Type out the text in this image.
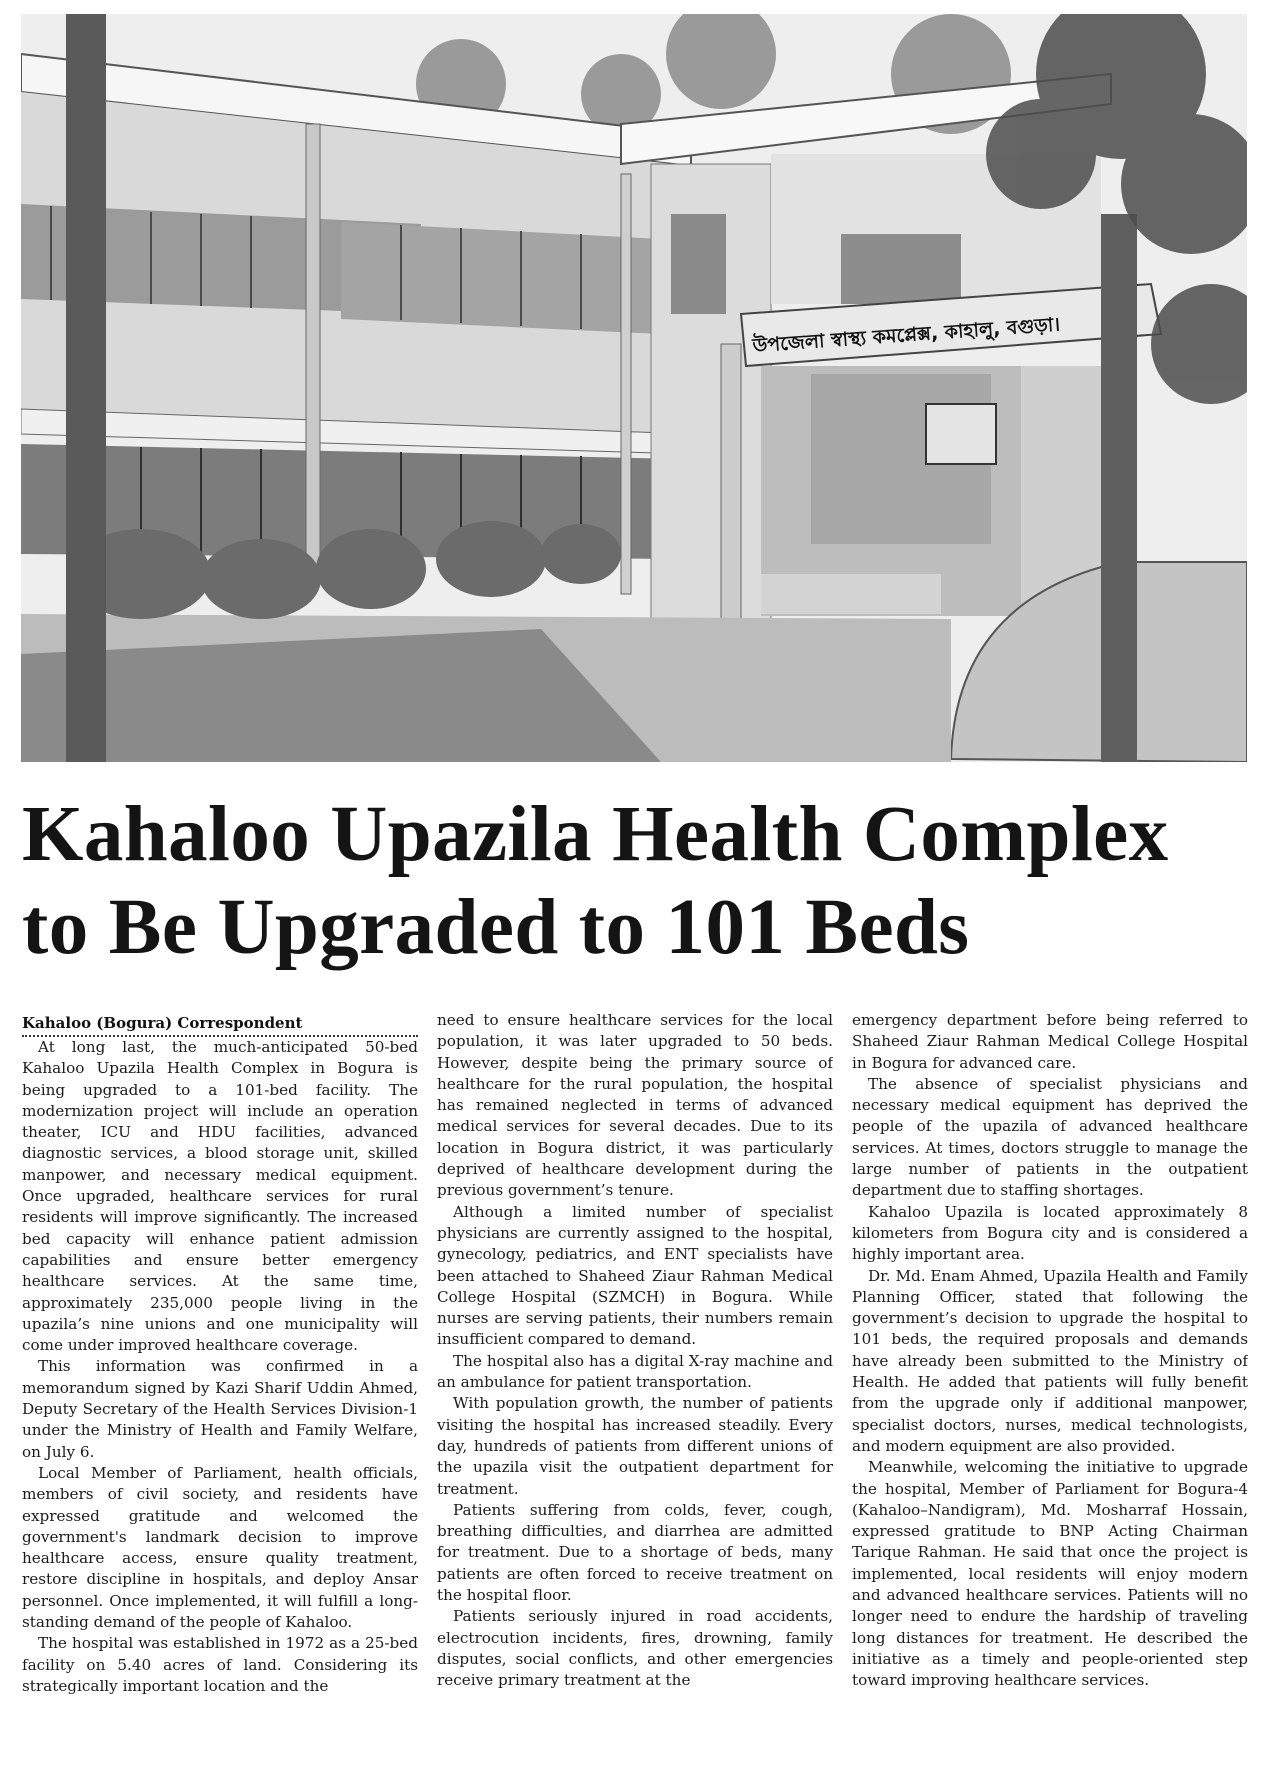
উপজেলা স্বাস্থ্য কমপ্লেক্স, কাহালু, বগুড়া।
Kahaloo Upazila Health Complex
to Be Upgraded to 101 Beds
Kahaloo (Bogura) Correspondent

At long last, the much-anticipated 50-bed Kahaloo Upazila Health Complex in Bogura is being upgraded to a 101-bed facility. The modernization project will include an operation theater, ICU and HDU facilities, advanced diagnostic services, a blood storage unit, skilled manpower, and necessary medical equipment. Once upgraded, healthcare services for rural residents will improve significantly. The increased bed capacity will enhance patient admission capabilities and ensure better emergency healthcare services. At the same time, approximately 235,000 people living in the upazila’s nine unions and one municipality will come under improved healthcare coverage.

This information was confirmed in a memorandum signed by Kazi Sharif Uddin Ahmed, Deputy Secretary of the Health Services Division-1 under the Ministry of Health and Family Welfare, on July 6.

Local Member of Parliament, health officials, members of civil society, and residents have expressed gratitude and welcomed the government's landmark decision to improve healthcare access, ensure quality treatment, restore discipline in hospitals, and deploy Ansar personnel. Once implemented, it will fulfill a long-standing demand of the people of Kahaloo.

The hospital was established in 1972 as a 25-bed facility on 5.40 acres of land. Considering its strategically important location and the

need to ensure healthcare services for the local population, it was later upgraded to 50 beds. However, despite being the primary source of healthcare for the rural population, the hospital has remained neglected in terms of advanced medical services for several decades. Due to its location in Bogura district, it was particularly deprived of healthcare development during the previous government’s tenure.

Although a limited number of specialist physicians are currently assigned to the hospital, gynecology, pediatrics, and ENT specialists have been attached to Shaheed Ziaur Rahman Medical College Hospital (SZMCH) in Bogura. While nurses are serving patients, their numbers remain insufficient compared to demand.

The hospital also has a digital X-ray machine and an ambulance for patient transportation.

With population growth, the number of patients visiting the hospital has increased steadily. Every day, hundreds of patients from different unions of the upazila visit the outpatient department for treatment.

Patients suffering from colds, fever, cough, breathing difficulties, and diarrhea are admitted for treatment. Due to a shortage of beds, many patients are often forced to receive treatment on the hospital floor.

Patients seriously injured in road accidents, electrocution incidents, fires, drowning, family disputes, social conflicts, and other emergencies receive primary treatment at the

emergency department before being referred to Shaheed Ziaur Rahman Medical College Hospital in Bogura for advanced care.

The absence of specialist physicians and necessary medical equipment has deprived the people of the upazila of advanced healthcare services. At times, doctors struggle to manage the large number of patients in the outpatient department due to staffing shortages.

Kahaloo Upazila is located approximately 8 kilometers from Bogura city and is considered a highly important area.

Dr. Md. Enam Ahmed, Upazila Health and Family Planning Officer, stated that following the government’s decision to upgrade the hospital to 101 beds, the required proposals and demands have already been submitted to the Ministry of Health. He added that patients will fully benefit from the upgrade only if additional manpower, specialist doctors, nurses, medical technologists, and modern equipment are also provided.

Meanwhile, welcoming the initiative to upgrade the hospital, Member of Parliament for Bogura-4 (Kahaloo–Nandigram), Md. Mosharraf Hossain, expressed gratitude to BNP Acting Chairman Tarique Rahman. He said that once the project is implemented, local residents will enjoy modern and advanced healthcare services. Patients will no longer need to endure the hardship of traveling long distances for treatment. He described the initiative as a timely and people-oriented step toward improving healthcare services.
